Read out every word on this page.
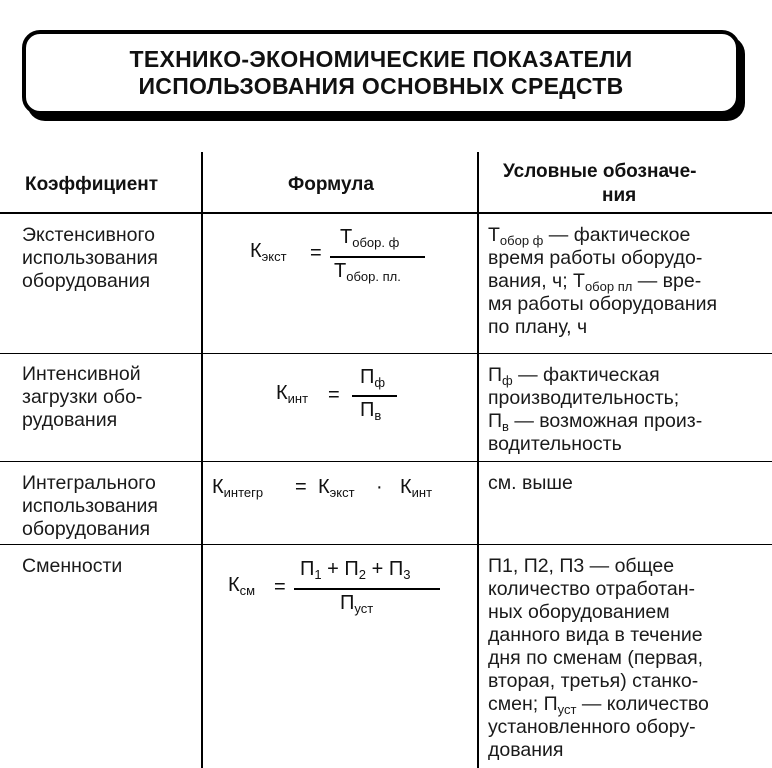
ТЕХНИКО-ЭКОНОМИЧЕСКИЕ ПОКАЗАТЕЛИ
ИСПОЛЬЗОВАНИЯ ОСНОВНЫХ СРЕДСТВ
Коэффициент	Формула
Условные обозначе-
ния
Экстенсивного
использования
оборудования
$К_{экст}$ =
$Т_{обор. ф}$
$Т_{обор. пл.}$
$Т_{обор ф}$ — фактическое
время работы оборудо-
вания, ч; $Т_{обор пл}$ — вре-
мя работы оборудования
по плану, ч
Интенсивной
загрузки обо-
рудования
$К_{инт}$ =
$П_ф$
$П_в$
$П_ф$ — фактическая
производительность;
$П_в$ — возможная произ-
водительность
Интегрального
использования
оборудования
$К_{интегр} = К_{экст} \cdot К_{инт}$	см. выше
Сменности
$К_{см}$ =
$П_1 + П_2 + П_3$
$П_{уст}$
П1, П2, П3 — общее
количество отработан-
ных оборудованием
данного вида в течение
дня по сменам (первая,
вторая, третья) станко-
смен; $П_{уст}$ — количество
установленного обору-
дования
